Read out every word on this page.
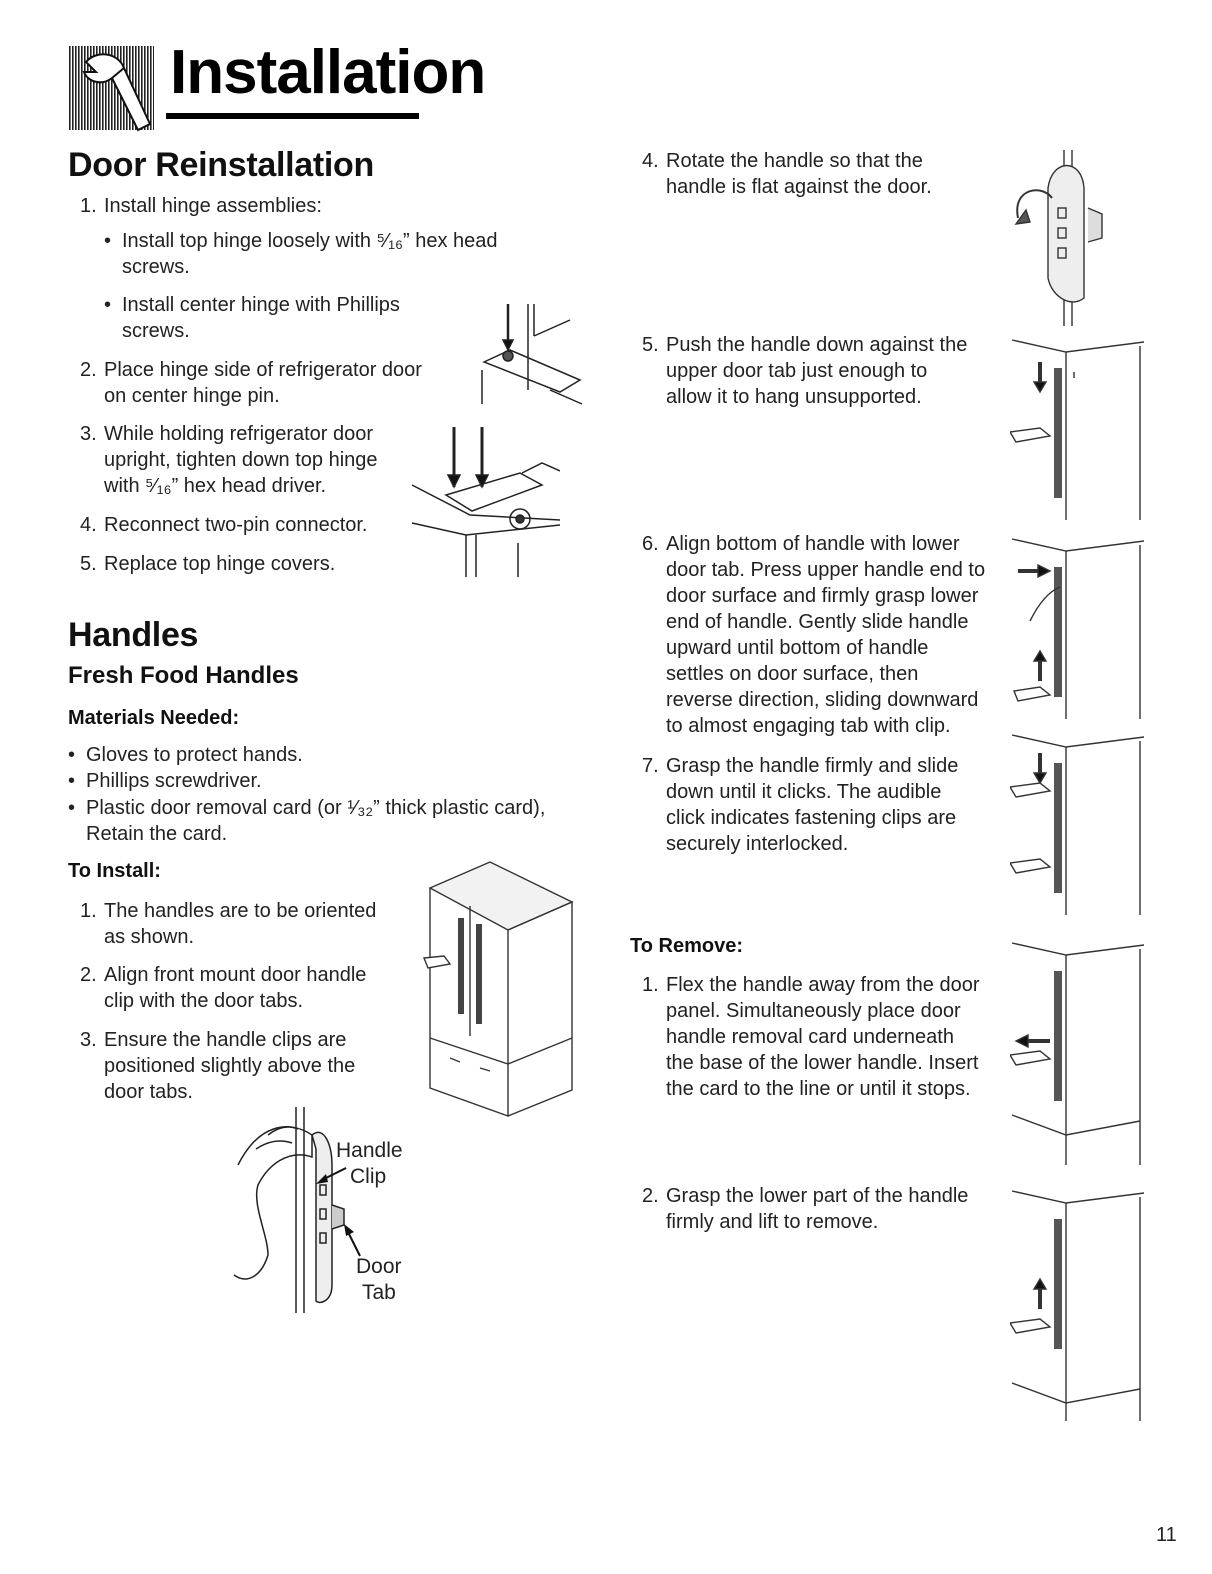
Installation
Door Reinstallation
1. Install hinge assemblies:
• Install top hinge loosely with ⁵⁄₁₆” hex head
screws.
• Install center hinge with Phillips
screws.
2. Place hinge side of refrigerator door
on center hinge pin.
3. While holding refrigerator door
upright, tighten down top hinge
with ⁵⁄₁₆” hex head driver.
4. Reconnect two-pin connector.
5. Replace top hinge covers.
Handles
Fresh Food Handles
Materials Needed:
• Gloves to protect hands.
• Phillips screwdriver.
• Plastic door removal card (or ¹⁄₃₂” thick plastic card),
Retain the card.
To Install:
1. The handles are to be oriented
as shown.
2. Align front mount door handle
clip with the door tabs.
3. Ensure the handle clips are
positioned slightly above the
door tabs.
Handle
Clip
Door
Tab
4. Rotate the handle so that the
handle is flat against the door.
5. Push the handle down against the
upper door tab just enough to
allow it to hang unsupported.
6. Align bottom of handle with lower
door tab. Press upper handle end to
door surface and firmly grasp lower
end of handle. Gently slide handle
upward until bottom of handle
settles on door surface, then
reverse direction, sliding downward
to almost engaging tab with clip.
7. Grasp the handle firmly and slide
down until it clicks. The audible
click indicates fastening clips are
securely interlocked.
To Remove:
1. Flex the handle away from the door
panel. Simultaneously place door
handle removal card underneath
the base of the lower handle. Insert
the card to the line or until it stops.
2. Grasp the lower part of the handle
firmly and lift to remove.
11
